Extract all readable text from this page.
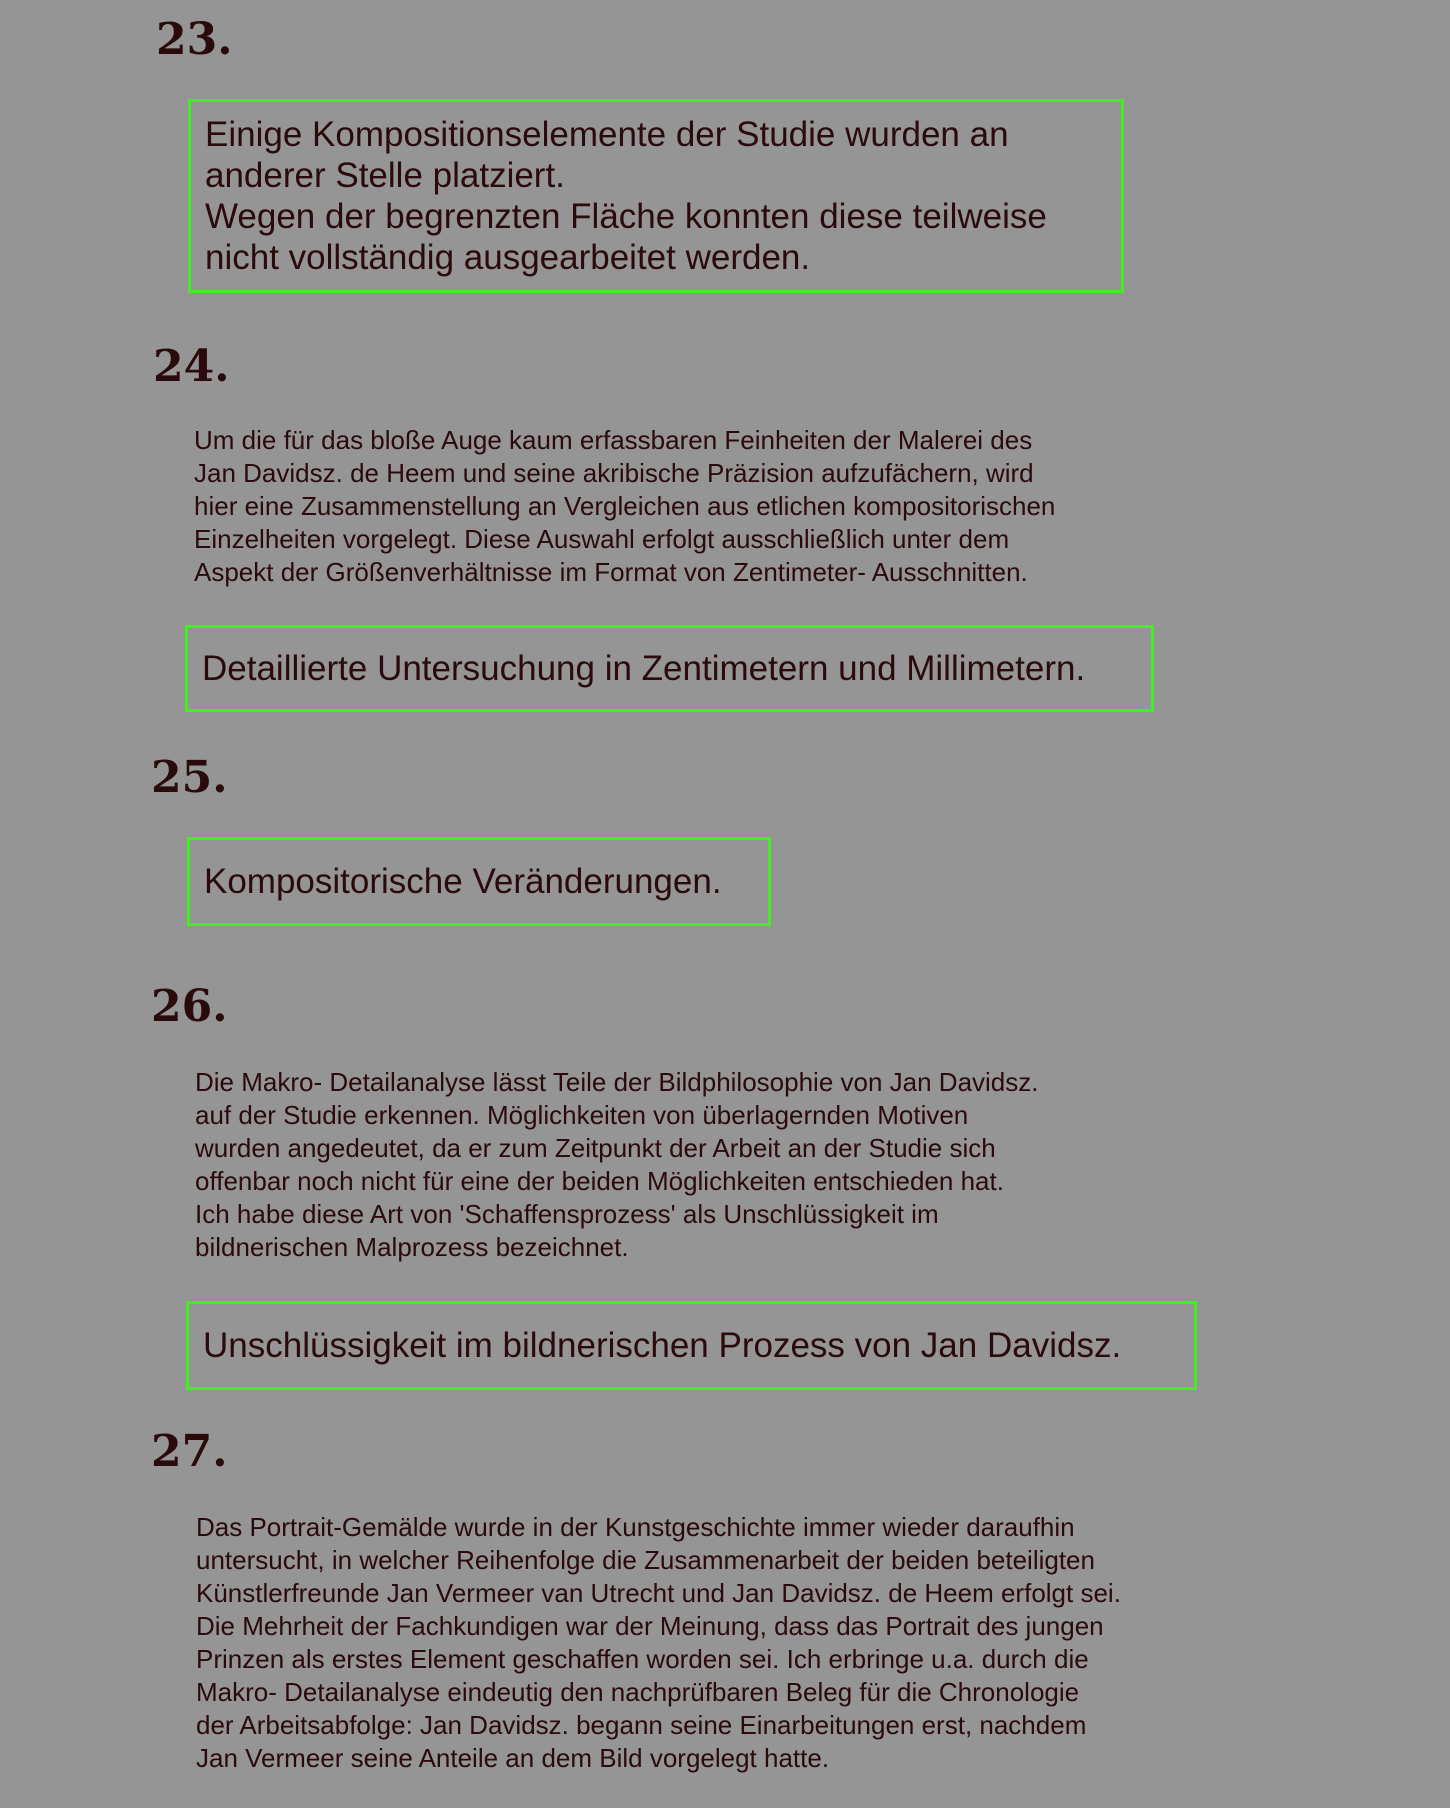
23.
Einige Kompositionselemente der Studie wurden an
anderer Stelle platziert.
Wegen der begrenzten Fläche konnten diese teilweise
nicht vollständig ausgearbeitet werden.
24.
Um die für das bloße Auge kaum erfassbaren Feinheiten der Malerei des
Jan Davidsz. de Heem und seine akribische Präzision aufzufächern, wird
hier eine Zusammenstellung an Vergleichen aus etlichen kompositorischen
Einzelheiten vorgelegt. Diese Auswahl erfolgt ausschließlich unter dem
Aspekt der Größenverhältnisse im Format von Zentimeter- Ausschnitten.
Detaillierte Untersuchung in Zentimetern und Millimetern.
25.
Kompositorische Veränderungen.
26.
Die Makro- Detailanalyse lässt Teile der Bildphilosophie von Jan Davidsz.
auf der Studie erkennen. Möglichkeiten von überlagernden Motiven
wurden angedeutet, da er zum Zeitpunkt der Arbeit an der Studie sich
offenbar noch nicht für eine der beiden Möglichkeiten entschieden hat.
Ich habe diese Art von 'Schaffensprozess' als Unschlüssigkeit im
bildnerischen Malprozess bezeichnet.
Unschlüssigkeit im bildnerischen Prozess von Jan Davidsz.
27.
Das Portrait-Gemälde wurde in der Kunstgeschichte immer wieder daraufhin
untersucht, in welcher Reihenfolge die Zusammenarbeit der beiden beteiligten
Künstlerfreunde Jan Vermeer van Utrecht und Jan Davidsz. de Heem erfolgt sei.
Die Mehrheit der Fachkundigen war der Meinung, dass das Portrait des jungen
Prinzen als erstes Element geschaffen worden sei. Ich erbringe u.a. durch die
Makro- Detailanalyse eindeutig den nachprüfbaren Beleg für die Chronologie
der Arbeitsabfolge: Jan Davidsz. begann seine Einarbeitungen erst, nachdem
Jan Vermeer seine Anteile an dem Bild vorgelegt hatte.
